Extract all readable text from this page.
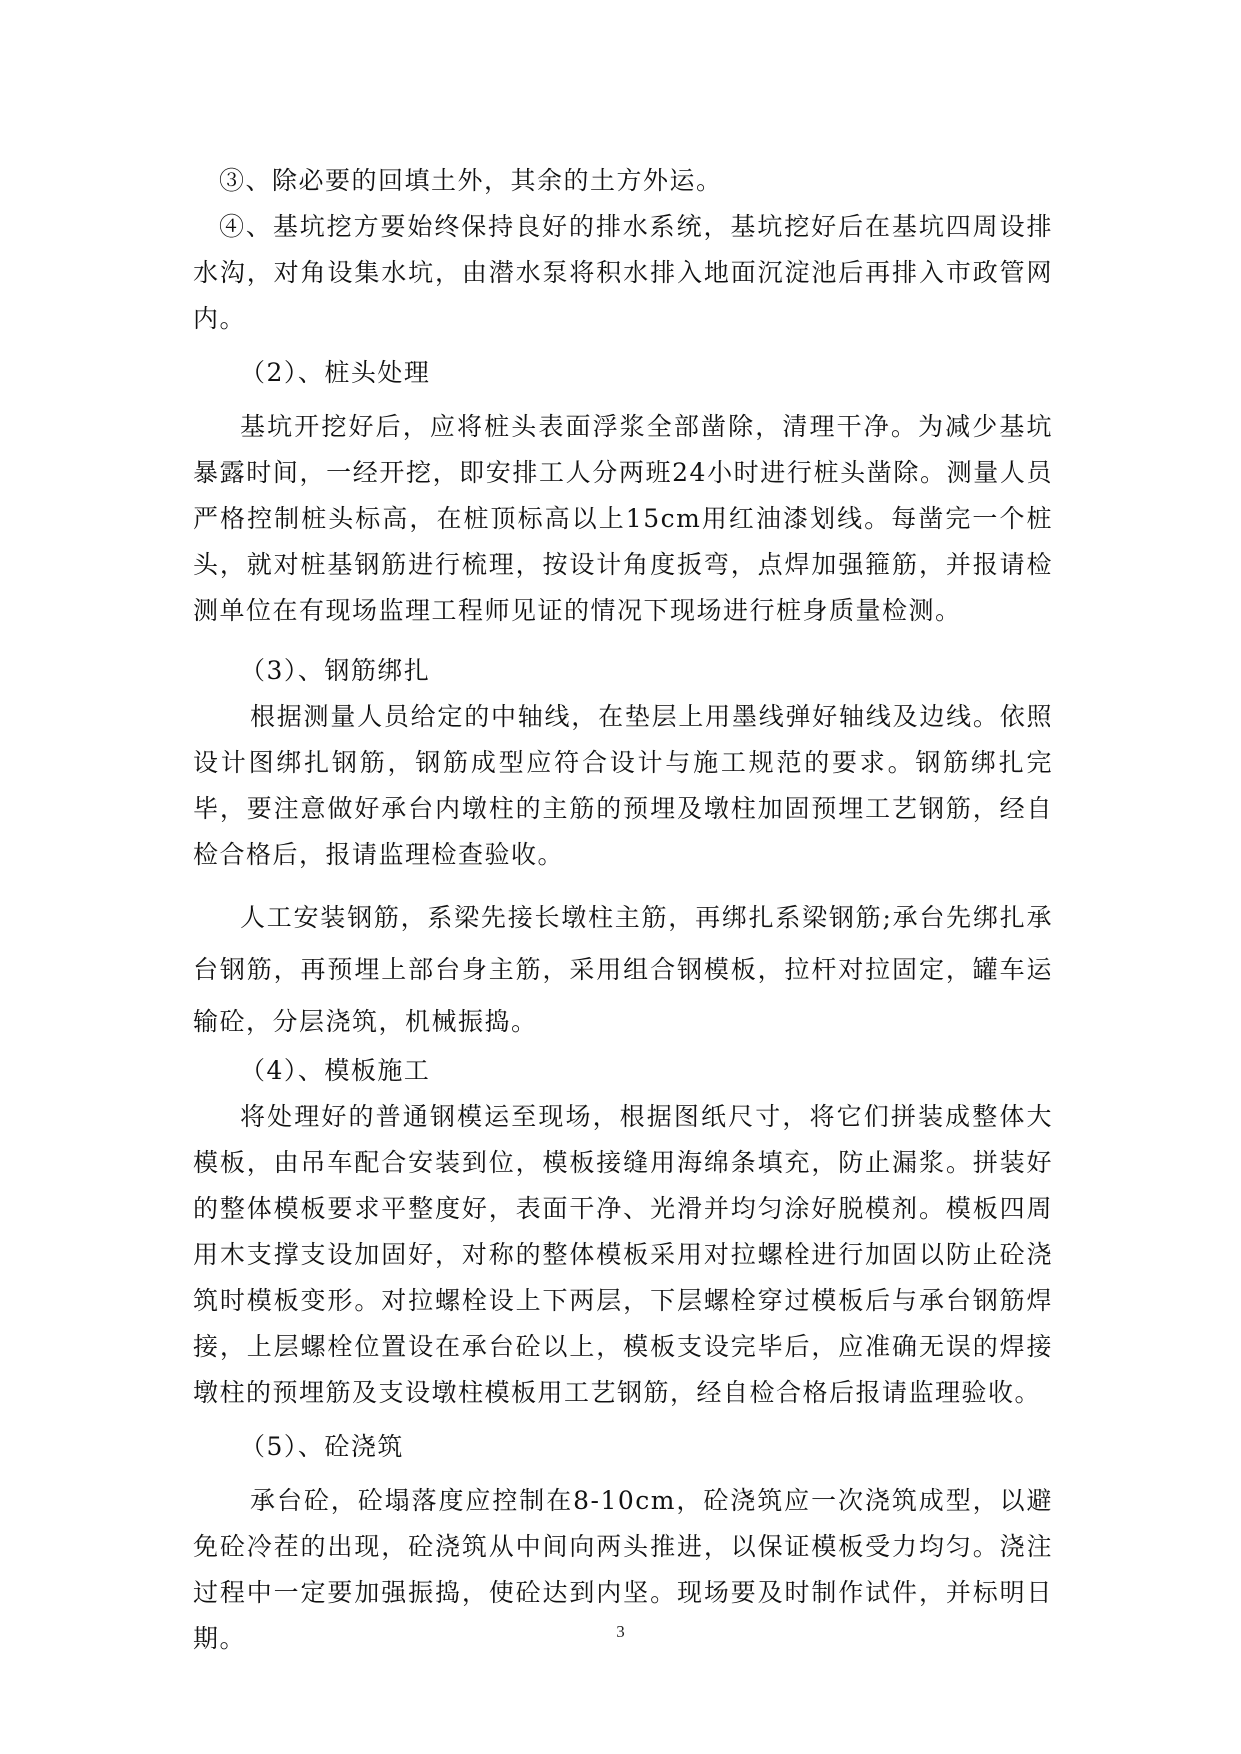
③、除必要的回填土外，其余的土方外运。

④、基坑挖方要始终保持良好的排水系统，基坑挖好后在基坑四周设排水沟，对角设集水坑，由潜水泵将积水排入地面沉淀池后再排入市政管网内。

（2）、桩头处理

基坑开挖好后，应将桩头表面浮浆全部凿除，清理干净。为减少基坑暴露时间，一经开挖，即安排工人分两班24小时进行桩头凿除。测量人员严格控制桩头标高，在桩顶标高以上15cm用红油漆划线。每凿完一个桩头，就对桩基钢筋进行梳理，按设计角度扳弯，点焊加强箍筋，并报请检测单位在有现场监理工程师见证的情况下现场进行桩身质量检测。

（3）、钢筋绑扎

根据测量人员给定的中轴线，在垫层上用墨线弹好轴线及边线。依照设计图绑扎钢筋，钢筋成型应符合设计与施工规范的要求。钢筋绑扎完毕，要注意做好承台内墩柱的主筋的预埋及墩柱加固预埋工艺钢筋，经自检合格后，报请监理检查验收。

人工安装钢筋，系梁先接长墩柱主筋，再绑扎系梁钢筋;承台先绑扎承台钢筋，再预埋上部台身主筋，采用组合钢模板，拉杆对拉固定，罐车运输砼，分层浇筑，机械振捣。

（4）、模板施工

将处理好的普通钢模运至现场，根据图纸尺寸，将它们拼装成整体大模板，由吊车配合安装到位，模板接缝用海绵条填充，防止漏浆。拼装好的整体模板要求平整度好，表面干净、光滑并均匀涂好脱模剂。模板四周用木支撑支设加固好，对称的整体模板采用对拉螺栓进行加固以防止砼浇筑时模板变形。对拉螺栓设上下两层，下层螺栓穿过模板后与承台钢筋焊接，上层螺栓位置设在承台砼以上，模板支设完毕后，应准确无误的焊接墩柱的预埋筋及支设墩柱模板用工艺钢筋，经自检合格后报请监理验收。

（5）、砼浇筑

承台砼，砼塌落度应控制在8-10cm，砼浇筑应一次浇筑成型，以避免砼冷茬的出现，砼浇筑从中间向两头推进，以保证模板受力均匀。浇注过程中一定要加强振捣，使砼达到内坚。现场要及时制作试件，并标明日期。	3
